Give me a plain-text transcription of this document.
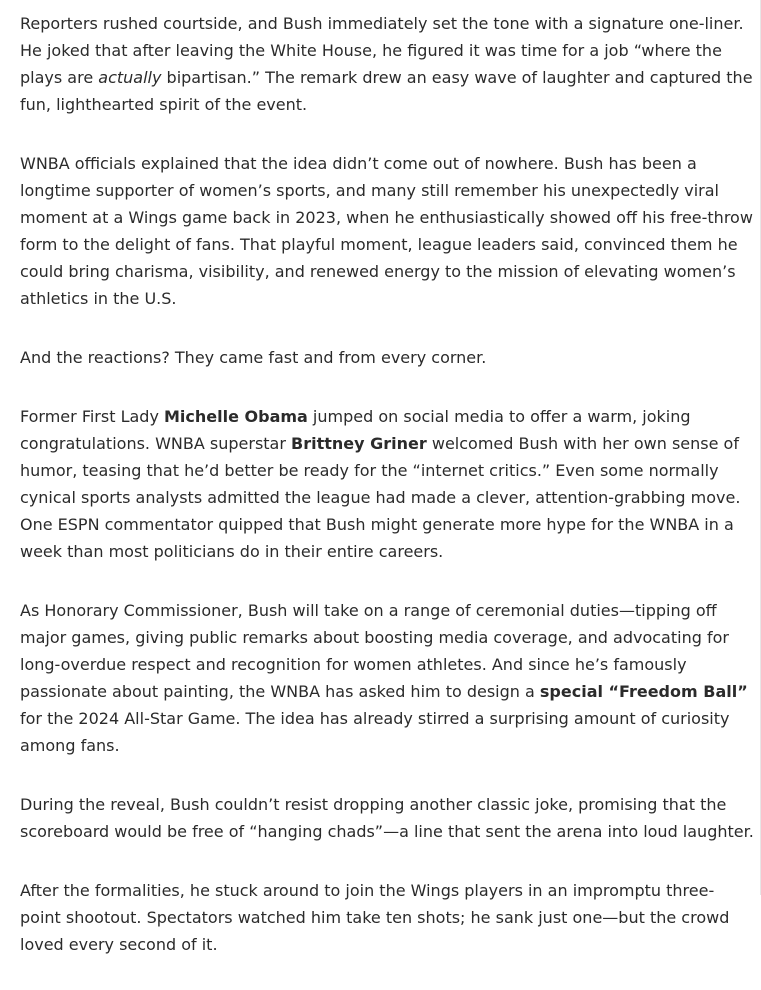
Reporters rushed courtside, and Bush immediately set the tone with a signature one-liner. He joked that after leaving the White House, he figured it was time for a job “where the plays are actually bipartisan.” The remark drew an easy wave of laughter and captured the fun, lighthearted spirit of the event.

WNBA officials explained that the idea didn’t come out of nowhere. Bush has been a longtime supporter of women’s sports, and many still remember his unexpectedly viral moment at a Wings game back in 2023, when he enthusiastically showed off his free-throw form to the delight of fans. That playful moment, league leaders said, convinced them he could bring charisma, visibility, and renewed energy to the mission of elevating women’s athletics in the U.S.

And the reactions? They came fast and from every corner.

Former First Lady Michelle Obama jumped on social media to offer a warm, joking congratulations. WNBA superstar Brittney Griner welcomed Bush with her own sense of humor, teasing that he’d better be ready for the “internet critics.” Even some normally cynical sports analysts admitted the league had made a clever, attention-grabbing move. One ESPN commentator quipped that Bush might generate more hype for the WNBA in a week than most politicians do in their entire careers.

As Honorary Commissioner, Bush will take on a range of ceremonial duties—tipping off major games, giving public remarks about boosting media coverage, and advocating for long-overdue respect and recognition for women athletes. And since he’s famously passionate about painting, the WNBA has asked him to design a special “Freedom Ball” for the 2024 All-Star Game. The idea has already stirred a surprising amount of curiosity among fans.

During the reveal, Bush couldn’t resist dropping another classic joke, promising that the scoreboard would be free of “hanging chads”—a line that sent the arena into loud laughter.

After the formalities, he stuck around to join the Wings players in an impromptu three-point shootout. Spectators watched him take ten shots; he sank just one—but the crowd loved every second of it.
